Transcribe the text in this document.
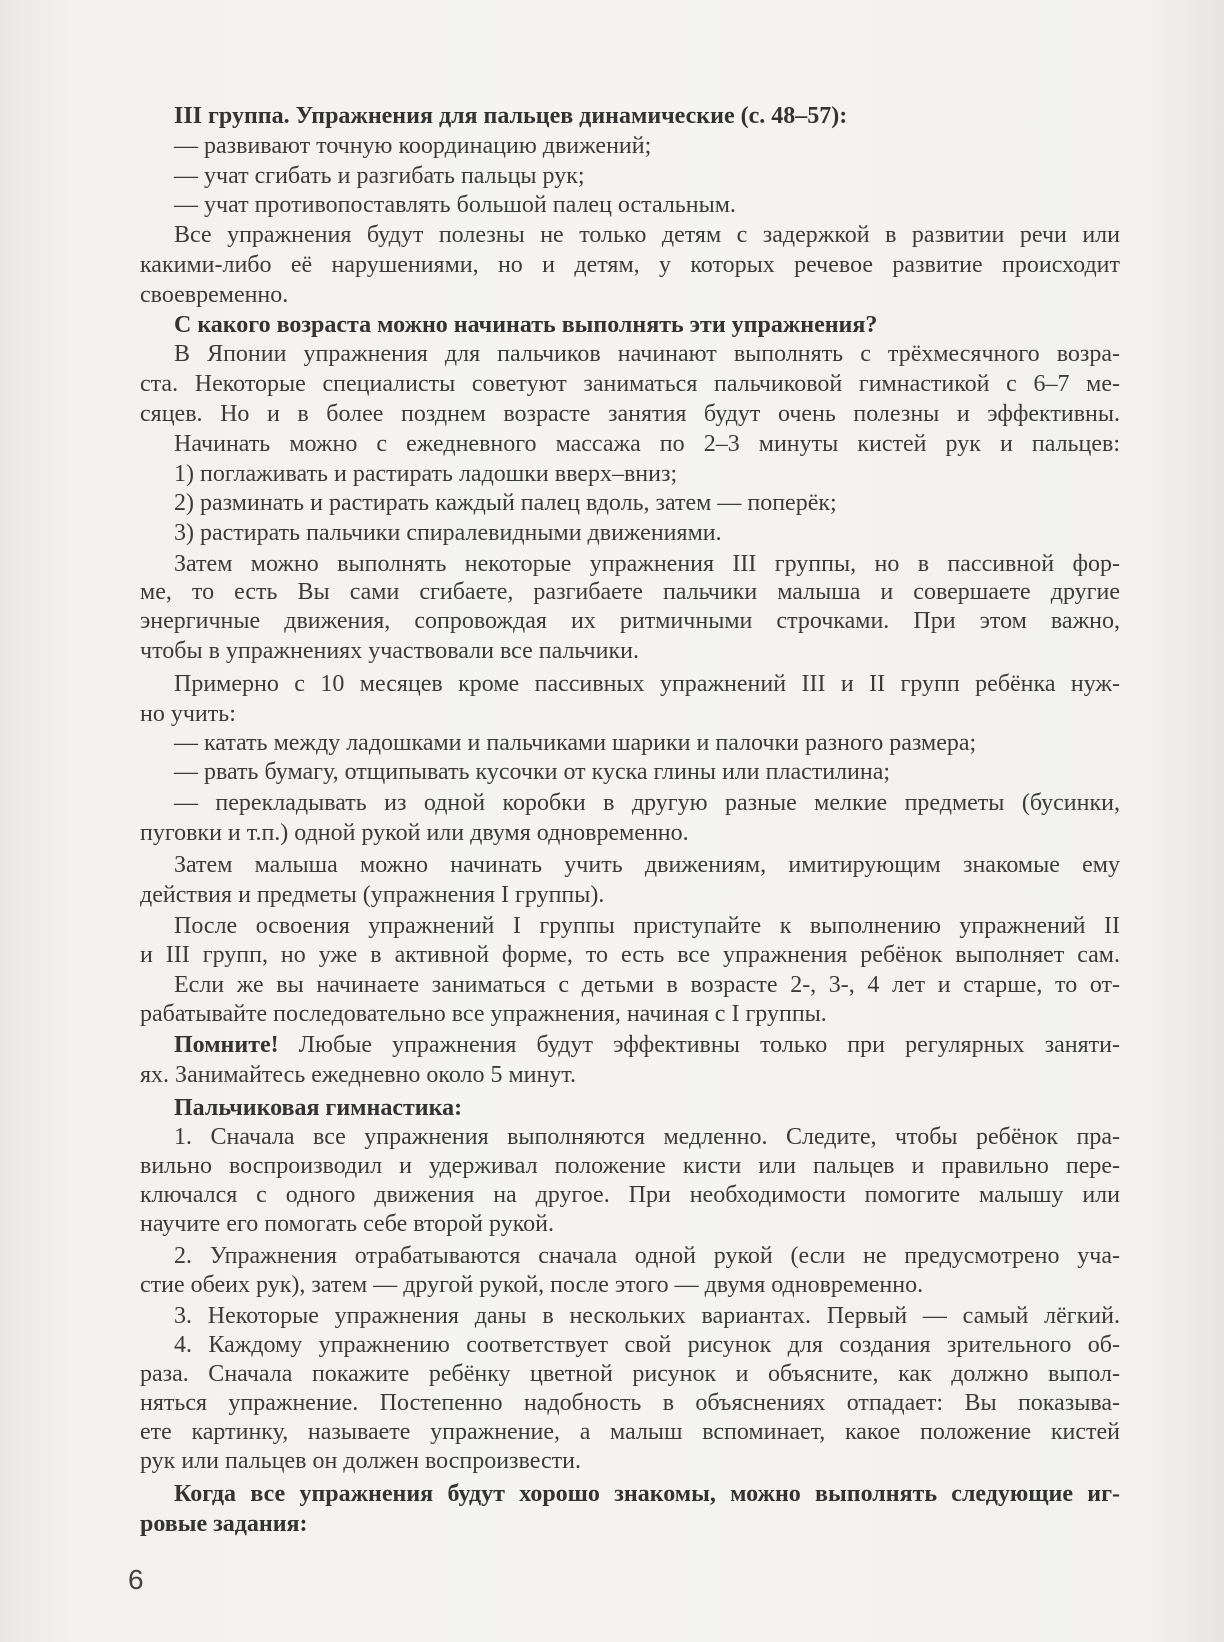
6
III группа. Упражнения для пальцев динамические (с. 48–57):
— развивают точную координацию движений;
— учат сгибать и разгибать пальцы рук;
— учат противопоставлять большой палец остальным.
Все упражнения будут полезны не только детям с задержкой в развитии речи или
какими-либо её нарушениями, но и детям, у которых речевое развитие происходит
своевременно.
С какого возраста можно начинать выполнять эти упражнения?
В Японии упражнения для пальчиков начинают выполнять с трёхмесячного возра-
ста. Некоторые специалисты советуют заниматься пальчиковой гимнастикой с 6–7 ме-
сяцев. Но и в более позднем возрасте занятия будут очень полезны и эффективны.
Начинать можно с ежедневного массажа по 2–3 минуты кистей рук и пальцев:
1) поглаживать и растирать ладошки вверх–вниз;
2) разминать и растирать каждый палец вдоль, затем — поперёк;
3) растирать пальчики спиралевидными движениями.
Затем можно выполнять некоторые упражнения III группы, но в пассивной фор-
ме, то есть Вы сами сгибаете, разгибаете пальчики малыша и совершаете другие
энергичные движения, сопровождая их ритмичными строчками. При этом важно,
чтобы в упражнениях участвовали все пальчики.
Примерно с 10 месяцев кроме пассивных упражнений III и II групп ребёнка нуж-
но учить:
— катать между ладошками и пальчиками шарики и палочки разного размера;
— рвать бумагу, отщипывать кусочки от куска глины или пластилина;
— перекладывать из одной коробки в другую разные мелкие предметы (бусинки,
пуговки и т.п.) одной рукой или двумя одновременно.
Затем малыша можно начинать учить движениям, имитирующим знакомые ему
действия и предметы (упражнения I группы).
После освоения упражнений I группы приступайте к выполнению упражнений II
и III групп, но уже в активной форме, то есть все упражнения ребёнок выполняет сам.
Если же вы начинаете заниматься с детьми в возрасте 2-, 3-, 4 лет и старше, то от-
рабатывайте последовательно все упражнения, начиная с I группы.
Помните! Любые упражнения будут эффективны только при регулярных заняти-
ях. Занимайтесь ежедневно около 5 минут.
Пальчиковая гимнастика:
1. Сначала все упражнения выполняются медленно. Следите, чтобы ребёнок пра-
вильно воспроизводил и удерживал положение кисти или пальцев и правильно пере-
ключался с одного движения на другое. При необходимости помогите малышу или
научите его помогать себе второй рукой.
2. Упражнения отрабатываются сначала одной рукой (если не предусмотрено уча-
стие обеих рук), затем — другой рукой, после этого — двумя одновременно.
3. Некоторые упражнения даны в нескольких вариантах. Первый — самый лёгкий.
4. Каждому упражнению соответствует свой рисунок для создания зрительного об-
раза. Сначала покажите ребёнку цветной рисунок и объясните, как должно выпол-
няться упражнение. Постепенно надобность в объяснениях отпадает: Вы показыва-
ете картинку, называете упражнение, а малыш вспоминает, какое положение кистей
рук или пальцев он должен воспроизвести.
Когда все упражнения будут хорошо знакомы, можно выполнять следующие иг-
ровые задания:
